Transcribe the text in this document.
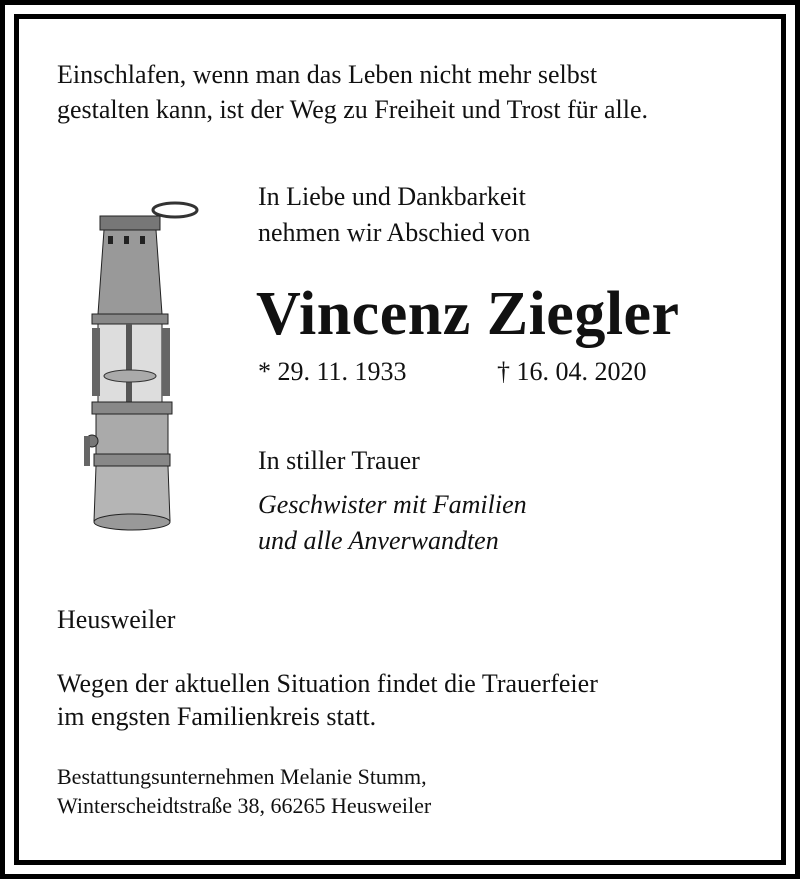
Einschlafen, wenn man das Leben nicht mehr selbst
gestalten kann, ist der Weg zu Freiheit und Trost für alle.
In Liebe und Dankbarkeit
nehmen wir Abschied von
Vincenz Ziegler
* 29. 11. 1933	† 16. 04. 2020
In stiller Trauer
Geschwister mit Familien
und alle Anverwandten
Heusweiler
Wegen der aktuellen Situation findet die Trauerfeier
im engsten Familienkreis statt.
Bestattungsunternehmen Melanie Stumm,
Winterscheidtstraße 38, 66265 Heusweiler
